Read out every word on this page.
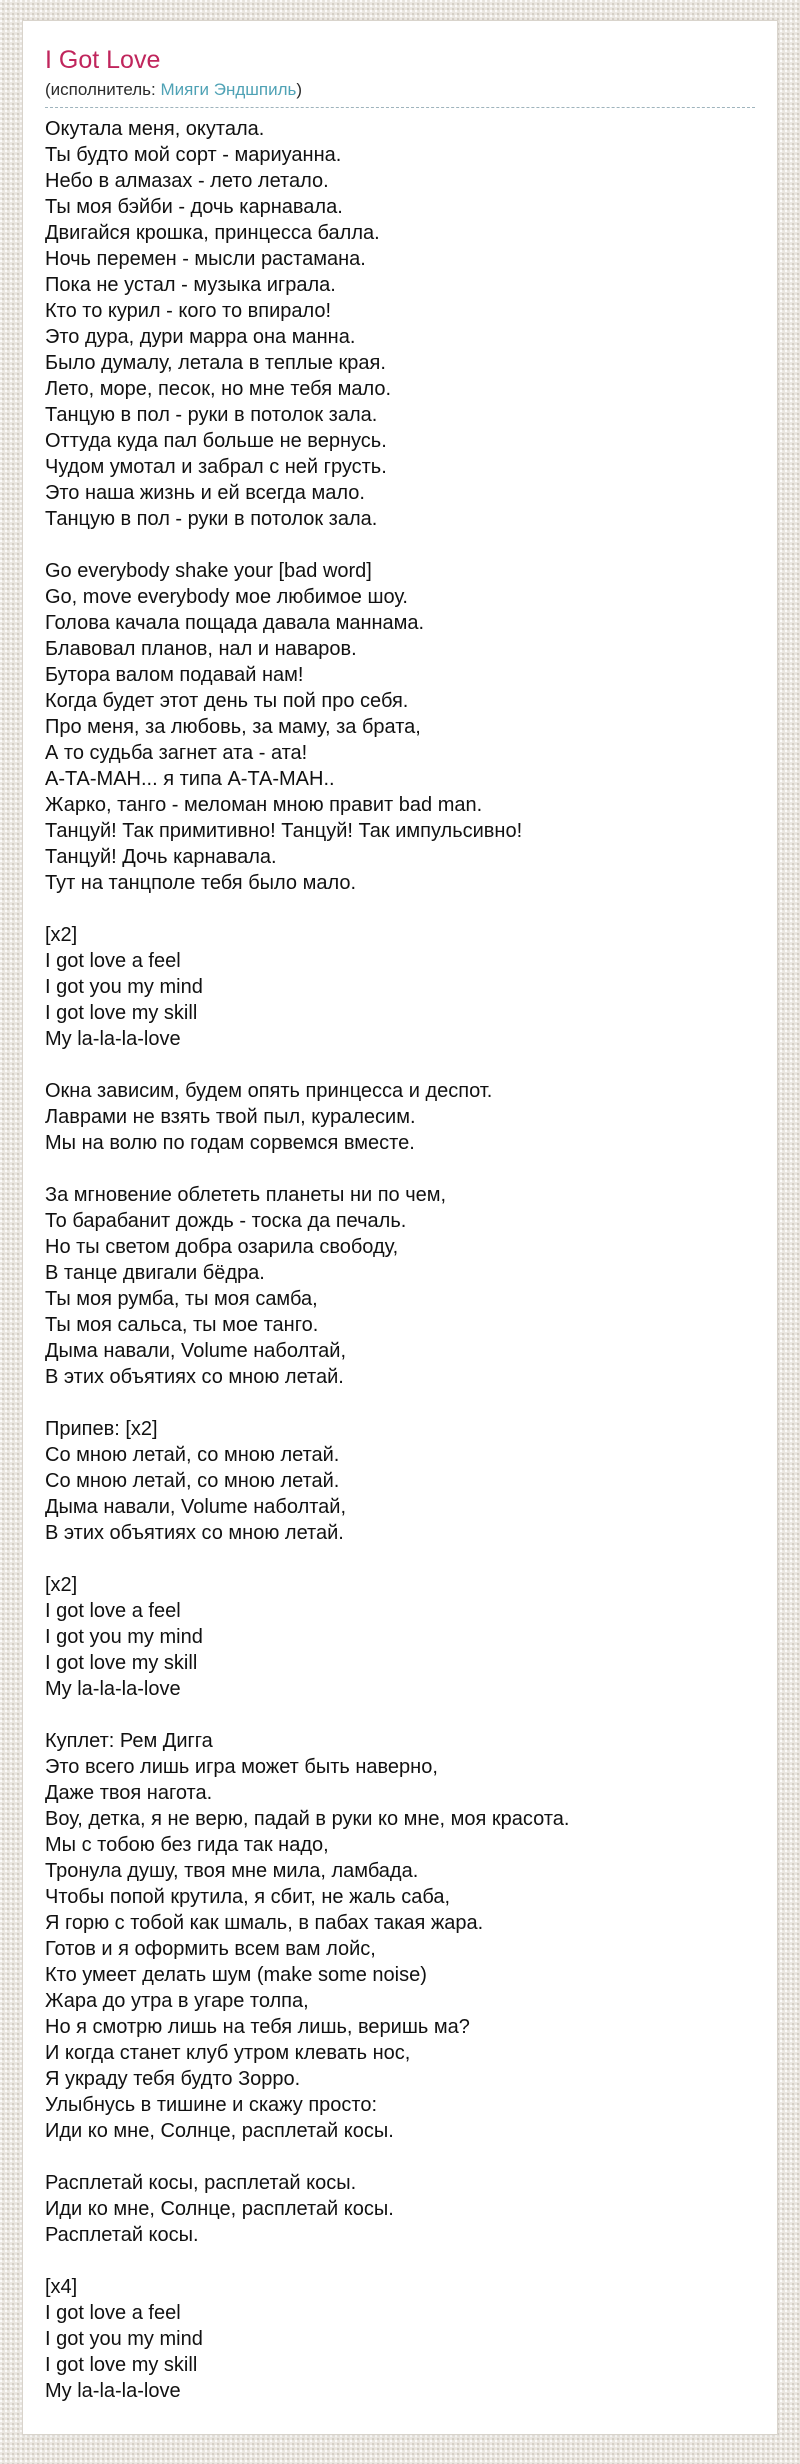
I Got Love
(исполнитель: Мияги Эндшпиль)
Окутала меня, окутала.
Ты будто мой сорт - мариуанна.
Небо в алмазах - лето летало.
Ты моя бэйби - дочь карнавала.
Двигайся крошка, принцесса балла.
Ночь перемен - мысли растамана.
Пока не устал - музыка играла.
Кто то курил - кого то впирало!
Это дура, дури марра она манна.
Было думалу, летала в теплые края.
Лето, море, песок, но мне тебя мало.
Танцую в пол - руки в потолок зала.
Оттуда куда пал больше не вернусь.
Чудом умотал и забрал с ней грусть.
Это наша жизнь и ей всегда мало.
Танцую в пол - руки в потолок зала.
Go everybody shake your [bad word]
Go, move everybody мое любимое шоу.
Голова качала пощада давала маннама.
Блавовал планов, нал и наваров.
Бутора валом подавай нам!
Когда будет этот день ты пой про себя.
Про меня, за любовь, за маму, за брата,
А то судьба загнет ата - ата!
А-ТА-МАН... я типа А-ТА-МАН..
Жарко, танго - меломан мною правит bad man.
Танцуй! Так примитивно! Танцуй! Так импульсивно!
Танцуй! Дочь карнавала.
Тут на танцполе тебя было мало.
[x2]
I got love a feel
I got you my mind
I got love my skill
My la-la-la-love
Окна зависим, будем опять принцесса и деспот.
Лаврами не взять твой пыл, куралесим.
Мы на волю по годам сорвемся вместе.
За мгновение облететь планеты ни по чем,
То барабанит дождь - тоска да печаль.
Но ты светом добра озарила свободу,
В танце двигали бёдра.
Ты моя румба, ты моя самба,
Ты моя сальса, ты мое танго.
Дыма навали, Volume наболтай,
В этих объятиях со мною летай.
Припев: [x2]
Со мною летай, со мною летай.
Со мною летай, со мною летай.
Дыма навали, Volume наболтай,
В этих объятиях со мною летай.
[x2]
I got love a feel
I got you my mind
I got love my skill
My la-la-la-love
Куплет: Рем Дигга
Это всего лишь игра может быть наверно,
Даже твоя нагота.
Воу, детка, я не верю, падай в руки ко мне, моя красота.
Мы с тобою без гида так надо,
Тронула душу, твоя мне мила, ламбада.
Чтобы попой крутила, я сбит, не жаль саба,
Я горю с тобой как шмаль, в пабах такая жара.
Готов и я оформить всем вам лойс,
Кто умеет делать шум (make some noise)
Жара до утра в угаре толпа,
Но я смотрю лишь на тебя лишь, веришь ма?
И когда станет клуб утром клевать нос,
Я украду тебя будто Зорро.
Улыбнусь в тишине и скажу просто:
Иди ко мне, Солнце, расплетай косы.
Расплетай косы, расплетай косы.
Иди ко мне, Солнце, расплетай косы.
Расплетай косы.
[x4]
I got love a feel
I got you my mind
I got love my skill
My la-la-la-love
